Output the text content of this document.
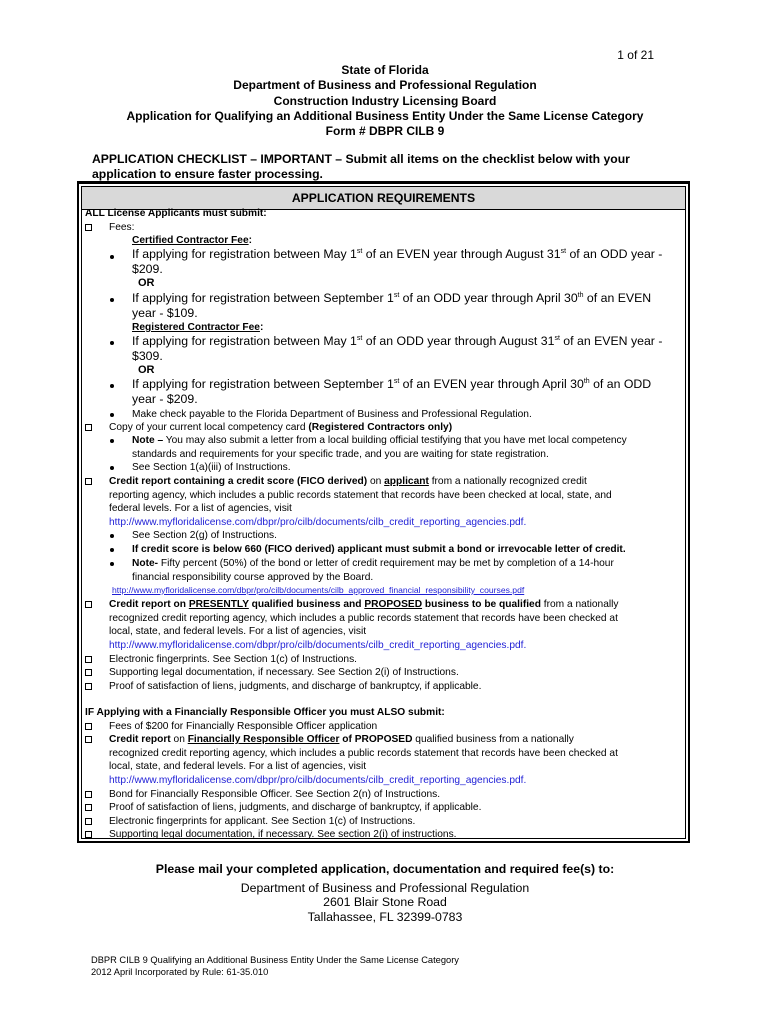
1 of 21
State of Florida
Department of Business and Professional Regulation
Construction Industry Licensing Board
Application for Qualifying an Additional Business Entity Under the Same License Category
Form # DBPR CILB 9
APPLICATION CHECKLIST – IMPORTANT – Submit all items on the checklist below with your application to ensure faster processing.
APPLICATION REQUIREMENTS
ALL License Applicants must submit:
Fees:
Certified Contractor Fee:
If applying for registration between May 1st of an EVEN year through August 31st of an ODD year -
$209.
OR
If applying for registration between September 1st of an ODD year through April 30th of an EVEN
year - $109.
Registered Contractor Fee:
If applying for registration between May 1st of an ODD year through August 31st of an EVEN year -
$309.
OR
If applying for registration between September 1st of an EVEN year through April 30th of an ODD
year - $209.
Make check payable to the Florida Department of Business and Professional Regulation.
Copy of your current local competency card (Registered Contractors only)
Note – You may also submit a letter from a local building official testifying that you have met local competency
standards and requirements for your specific trade, and you are waiting for state registration.
See Section 1(a)(iii) of Instructions.
Credit report containing a credit score (FICO derived) on applicant from a nationally recognized credit
reporting agency, which includes a public records statement that records have been checked at local, state, and
federal levels. For a list of agencies, visit
http://www.myfloridalicense.com/dbpr/pro/cilb/documents/cilb_credit_reporting_agencies.pdf.
See Section 2(g) of Instructions.
If credit score is below 660 (FICO derived) applicant must submit a bond or irrevocable letter of credit.
Note- Fifty percent (50%) of the bond or letter of credit requirement may be met by completion of a 14-hour
financial responsibility course approved by the Board.
http://www.myfloridalicense.com/dbpr/pro/cilb/documents/cilb_approved_financial_responsibility_courses.pdf
Credit report on PRESENTLY qualified business and PROPOSED business to be qualified from a nationally
recognized credit reporting agency, which includes a public records statement that records have been checked at
local, state, and federal levels. For a list of agencies, visit
http://www.myfloridalicense.com/dbpr/pro/cilb/documents/cilb_credit_reporting_agencies.pdf.
Electronic fingerprints. See Section 1(c) of Instructions.
Supporting legal documentation, if necessary. See Section 2(i) of Instructions.
Proof of satisfaction of liens, judgments, and discharge of bankruptcy, if applicable.
IF Applying with a Financially Responsible Officer you must ALSO submit:
Fees of $200 for Financially Responsible Officer application
Credit report on Financially Responsible Officer of PROPOSED qualified business from a nationally
recognized credit reporting agency, which includes a public records statement that records have been checked at
local, state, and federal levels. For a list of agencies, visit
http://www.myfloridalicense.com/dbpr/pro/cilb/documents/cilb_credit_reporting_agencies.pdf.
Bond for Financially Responsible Officer. See Section 2(n) of Instructions.
Proof of satisfaction of liens, judgments, and discharge of bankruptcy, if applicable.
Electronic fingerprints for applicant. See Section 1(c) of Instructions.
Supporting legal documentation, if necessary. See section 2(i) of instructions.
Please mail your completed application, documentation and required fee(s) to:
Department of Business and Professional Regulation
2601 Blair Stone Road
Tallahassee, FL 32399-0783
DBPR CILB 9 Qualifying an Additional Business Entity Under the Same License Category
2012 April Incorporated by Rule: 61-35.010
